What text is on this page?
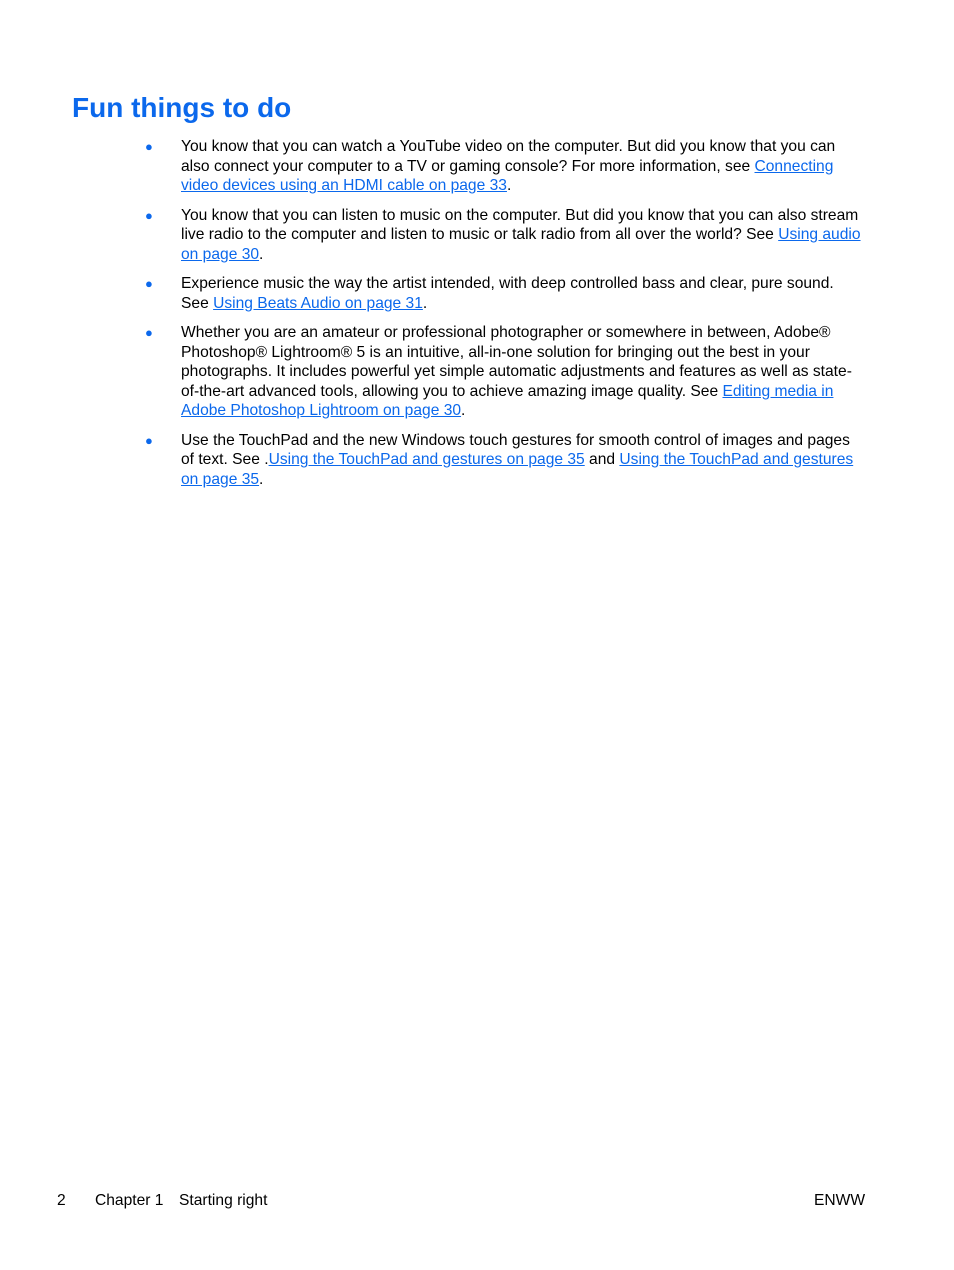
Fun things to do
● You know that you can watch a YouTube video on the computer. But did you know that you can also connect your computer to a TV or gaming console? For more information, see Connecting video devices using an HDMI cable on page 33.
● You know that you can listen to music on the computer. But did you know that you can also stream live radio to the computer and listen to music or talk radio from all over the world? See Using audio on page 30.
● Experience music the way the artist intended, with deep controlled bass and clear, pure sound. See Using Beats Audio on page 31.
● Whether you are an amateur or professional photographer or somewhere in between, Adobe® Photoshop® Lightroom® 5 is an intuitive, all-in-one solution for bringing out the best in your photographs. It includes powerful yet simple automatic adjustments and features as well as state-of-the-art advanced tools, allowing you to achieve amazing image quality. See Editing media in Adobe Photoshop Lightroom on page 30.
● Use the TouchPad and the new Windows touch gestures for smooth control of images and pages of text. See .Using the TouchPad and gestures on page 35 and Using the TouchPad and gestures on page 35.
2 Chapter 1 Starting right	ENWW
